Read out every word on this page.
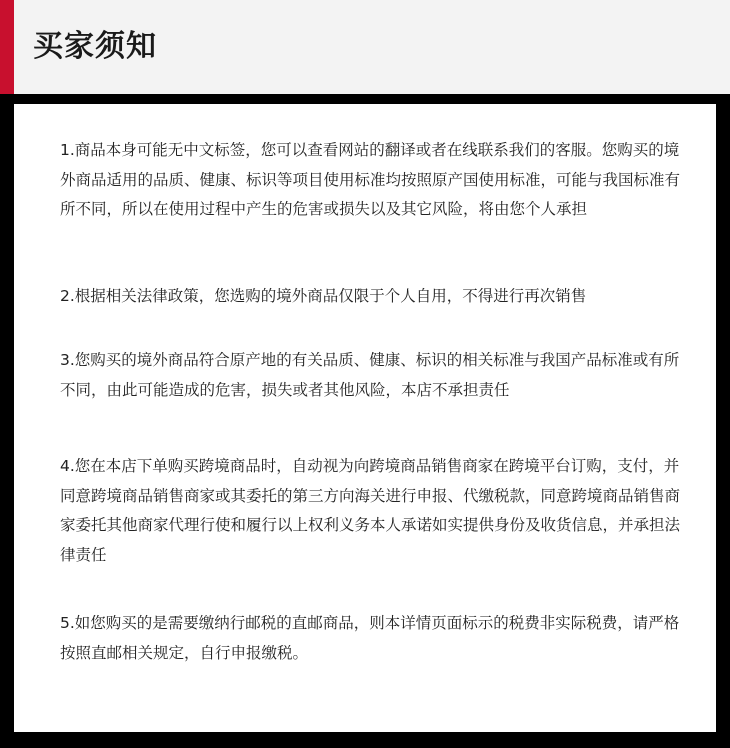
买家须知

1.商品本身可能无中文标签，您可以查看网站的翻译或者在线联系我们的客服。您购买的境外商品适用的品质、健康、标识等项目使用标准均按照原产国使用标准，可能与我国标准有所不同，所以在使用过程中产生的危害或损失以及其它风险，将由您个人承担

2.根据相关法律政策，您选购的境外商品仅限于个人自用，不得进行再次销售

3.您购买的境外商品符合原产地的有关品质、健康、标识的相关标准与我国产品标准或有所不同，由此可能造成的危害，损失或者其他风险，本店不承担责任

4.您在本店下单购买跨境商品时，自动视为向跨境商品销售商家在跨境平台订购，支付，并同意跨境商品销售商家或其委托的第三方向海关进行申报、代缴税款，同意跨境商品销售商家委托其他商家代理行使和履行以上权利义务本人承诺如实提供身份及收货信息，并承担法律责任

5.如您购买的是需要缴纳行邮税的直邮商品，则本详情页面标示的税费非实际税费，请严格按照直邮相关规定，自行申报缴税。
